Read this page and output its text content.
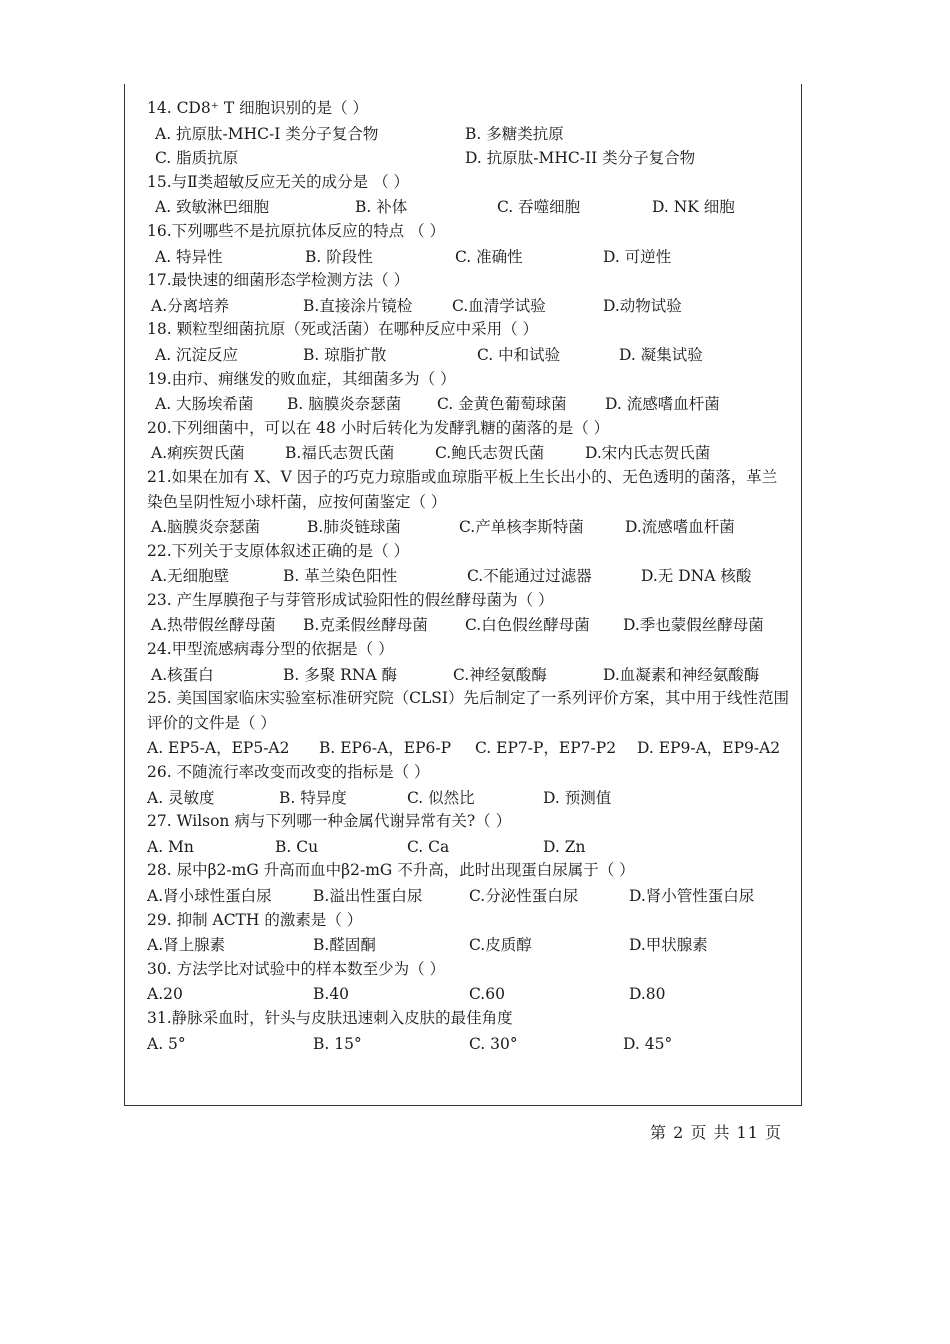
14. CD8⁺ T 细胞识别的是（ ）
A. 抗原肽-MHC-I 类分子复合物	B. 多糖类抗原
C. 脂质抗原	D. 抗原肽-MHC-II 类分子复合物
15.与Ⅱ类超敏反应无关的成分是 （ ）
A. 致敏淋巴细胞	B. 补体	C. 吞噬细胞	D. NK 细胞
16.下列哪些不是抗原抗体反应的特点 （ ）
A. 特异性	B. 阶段性	C. 准确性	D. 可逆性
17.最快速的细菌形态学检测方法（ ）
A.分离培养	B.直接涂片镜检	C.血清学试验	D.动物试验
18. 颗粒型细菌抗原（死或活菌）在哪种反应中采用（ ）
A. 沉淀反应	B. 琼脂扩散	C. 中和试验	D. 凝集试验
19.由疖、痈继发的败血症，其细菌多为（ ）
A. 大肠埃希菌 B. 脑膜炎奈瑟菌 C. 金黄色葡萄球菌 D. 流感嗜血杆菌
20.下列细菌中，可以在 48 小时后转化为发酵乳糖的菌落的是（ ）
A.痢疾贺氏菌	B.福氏志贺氏菌	C.鲍氏志贺氏菌	D.宋内氏志贺氏菌
21.如果在加有 X、V 因子的巧克力琼脂或血琼脂平板上生长出小的、无色透明的菌落，革兰染色呈阴性短小球杆菌，应按何菌鉴定（ ）
A.脑膜炎奈瑟菌	B.肺炎链球菌	C.产单核李斯特菌	D.流感嗜血杆菌
22.下列关于支原体叙述正确的是（ ）
A.无细胞壁	B. 革兰染色阳性	C.不能通过过滤器	D.无 DNA 核酸
23. 产生厚膜孢子与芽管形成试验阳性的假丝酵母菌为（ ）
A.热带假丝酵母菌 B.克柔假丝酵母菌 C.白色假丝酵母菌 D.季也蒙假丝酵母菌
24.甲型流感病毒分型的依据是（ ）
A.核蛋白	B. 多聚 RNA 酶	C.神经氨酸酶	D.血凝素和神经氨酸酶
25. 美国国家临床实验室标准研究院（CLSI）先后制定了一系列评价方案，其中用于线性范围评价的文件是（ ）
A. EP5-A，EP5-A2 B. EP6-A，EP6-P C. EP7-P，EP7-P2 D. EP9-A，EP9-A2
26. 不随流行率改变而改变的指标是（ ）
A. 灵敏度	B. 特异度	C. 似然比	D. 预测值
27. Wilson 病与下列哪一种金属代谢异常有关?（ ）
A. Mn	B. Cu	C. Ca	D. Zn
28. 尿中β2-mG 升高而血中β2-mG 不升高，此时出现蛋白尿属于（ ）
A.肾小球性蛋白尿	B.溢出性蛋白尿	C.分泌性蛋白尿	D.肾小管性蛋白尿
29. 抑制 ACTH 的激素是（ ）
A.肾上腺素	B.醛固酮	C.皮质醇	D.甲状腺素
30. 方法学比对试验中的样本数至少为（ ）
A.20	B.40	C.60	D.80
31.静脉采血时，针头与皮肤迅速刺入皮肤的最佳角度
A. 5°	B. 15°	C. 30°	D. 45°
第 2 页 共 11 页
